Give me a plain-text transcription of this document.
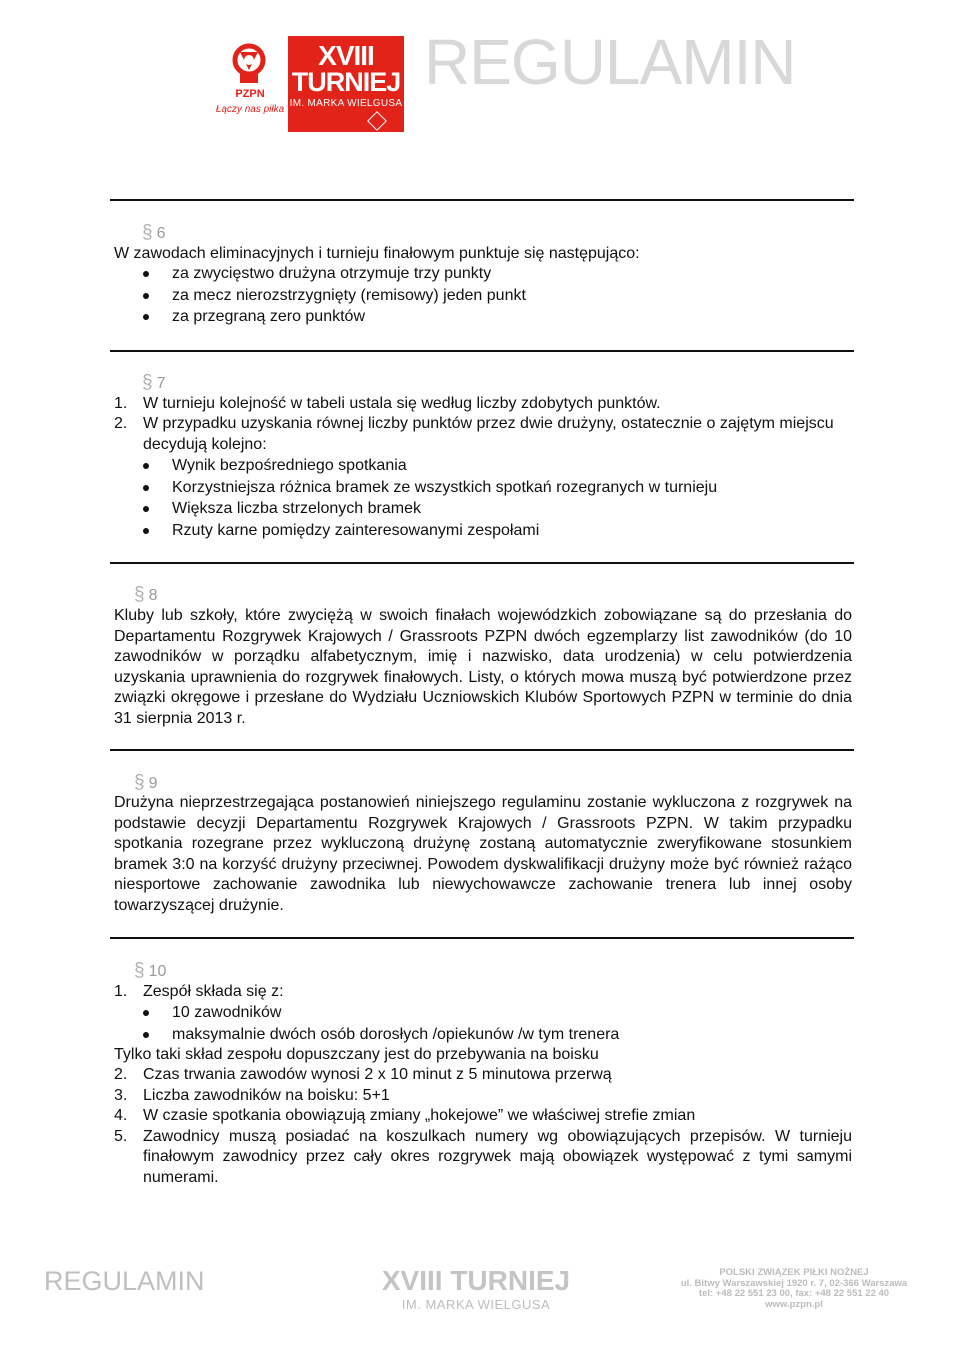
PZPN
Łączy nas piłka
XVIII
TURNIEJ
IM. MARKA WIELGUSA
REGULAMIN
§ 6
W zawodach eliminacyjnych i turnieju finałowym punktuje się następująco:
za zwycięstwo drużyna otrzymuje trzy punkty
za mecz nierozstrzygnięty (remisowy) jeden punkt
za przegraną zero punktów
§ 7
1. W turnieju kolejność w tabeli ustala się według liczby zdobytych punktów.
2. W przypadku uzyskania równej liczby punktów przez dwie drużyny, ostatecznie o zajętym miejscu decydują kolejno:
Wynik bezpośredniego spotkania
Korzystniejsza różnica bramek ze wszystkich spotkań rozegranych w turnieju
Większa liczba strzelonych bramek
Rzuty karne pomiędzy zainteresowanymi zespołami
§ 8
Kluby lub szkoły, które zwyciężą w swoich finałach wojewódzkich zobowiązane są do przesłania do Departamentu Rozgrywek Krajowych / Grassroots PZPN dwóch egzemplarzy list zawodników (do 10 zawodników w porządku alfabetycznym, imię i nazwisko, data urodzenia) w celu potwierdzenia uzyskania uprawnienia do rozgrywek finałowych. Listy, o których mowa muszą być potwierdzone przez związki okręgowe i przesłane do Wydziału Uczniowskich Klubów Sportowych PZPN w terminie do dnia 31 sierpnia 2013 r.
§ 9
Drużyna nieprzestrzegająca postanowień niniejszego regulaminu zostanie wykluczona z rozgrywek na podstawie decyzji Departamentu Rozgrywek Krajowych / Grassroots PZPN. W takim przypadku spotkania rozegrane przez wykluczoną drużynę zostaną automatycznie zweryfikowane stosunkiem bramek 3:0 na korzyść drużyny przeciwnej. Powodem dyskwalifikacji drużyny może być również rażąco niesportowe zachowanie zawodnika lub niewychowawcze zachowanie trenera lub innej osoby towarzyszącej drużynie.
§ 10
1. Zespół składa się z:
10 zawodników
maksymalnie dwóch osób dorosłych /opiekunów /w tym trenera
Tylko taki skład zespołu dopuszczany jest do przebywania na boisku
2. Czas trwania zawodów wynosi 2 x 10 minut z 5 minutowa przerwą
3. Liczba zawodników na boisku: 5+1
4. W czasie spotkania obowiązują zmiany „hokejowe” we właściwej strefie zmian
5. Zawodnicy muszą posiadać na koszulkach numery wg obowiązujących przepisów. W turnieju finałowym zawodnicy przez cały okres rozgrywek mają obowiązek występować z tymi samymi numerami.
REGULAMIN	XVIII TURNIEJ
IM. MARKA WIELGUSA
POLSKI ZWIĄZEK PIŁKI NOŻNEJ
ul. Bitwy Warszawskiej 1920 r. 7, 02-366 Warszawa
tel: +48 22 551 23 00, fax: +48 22 551 22 40
www.pzpn.pl
